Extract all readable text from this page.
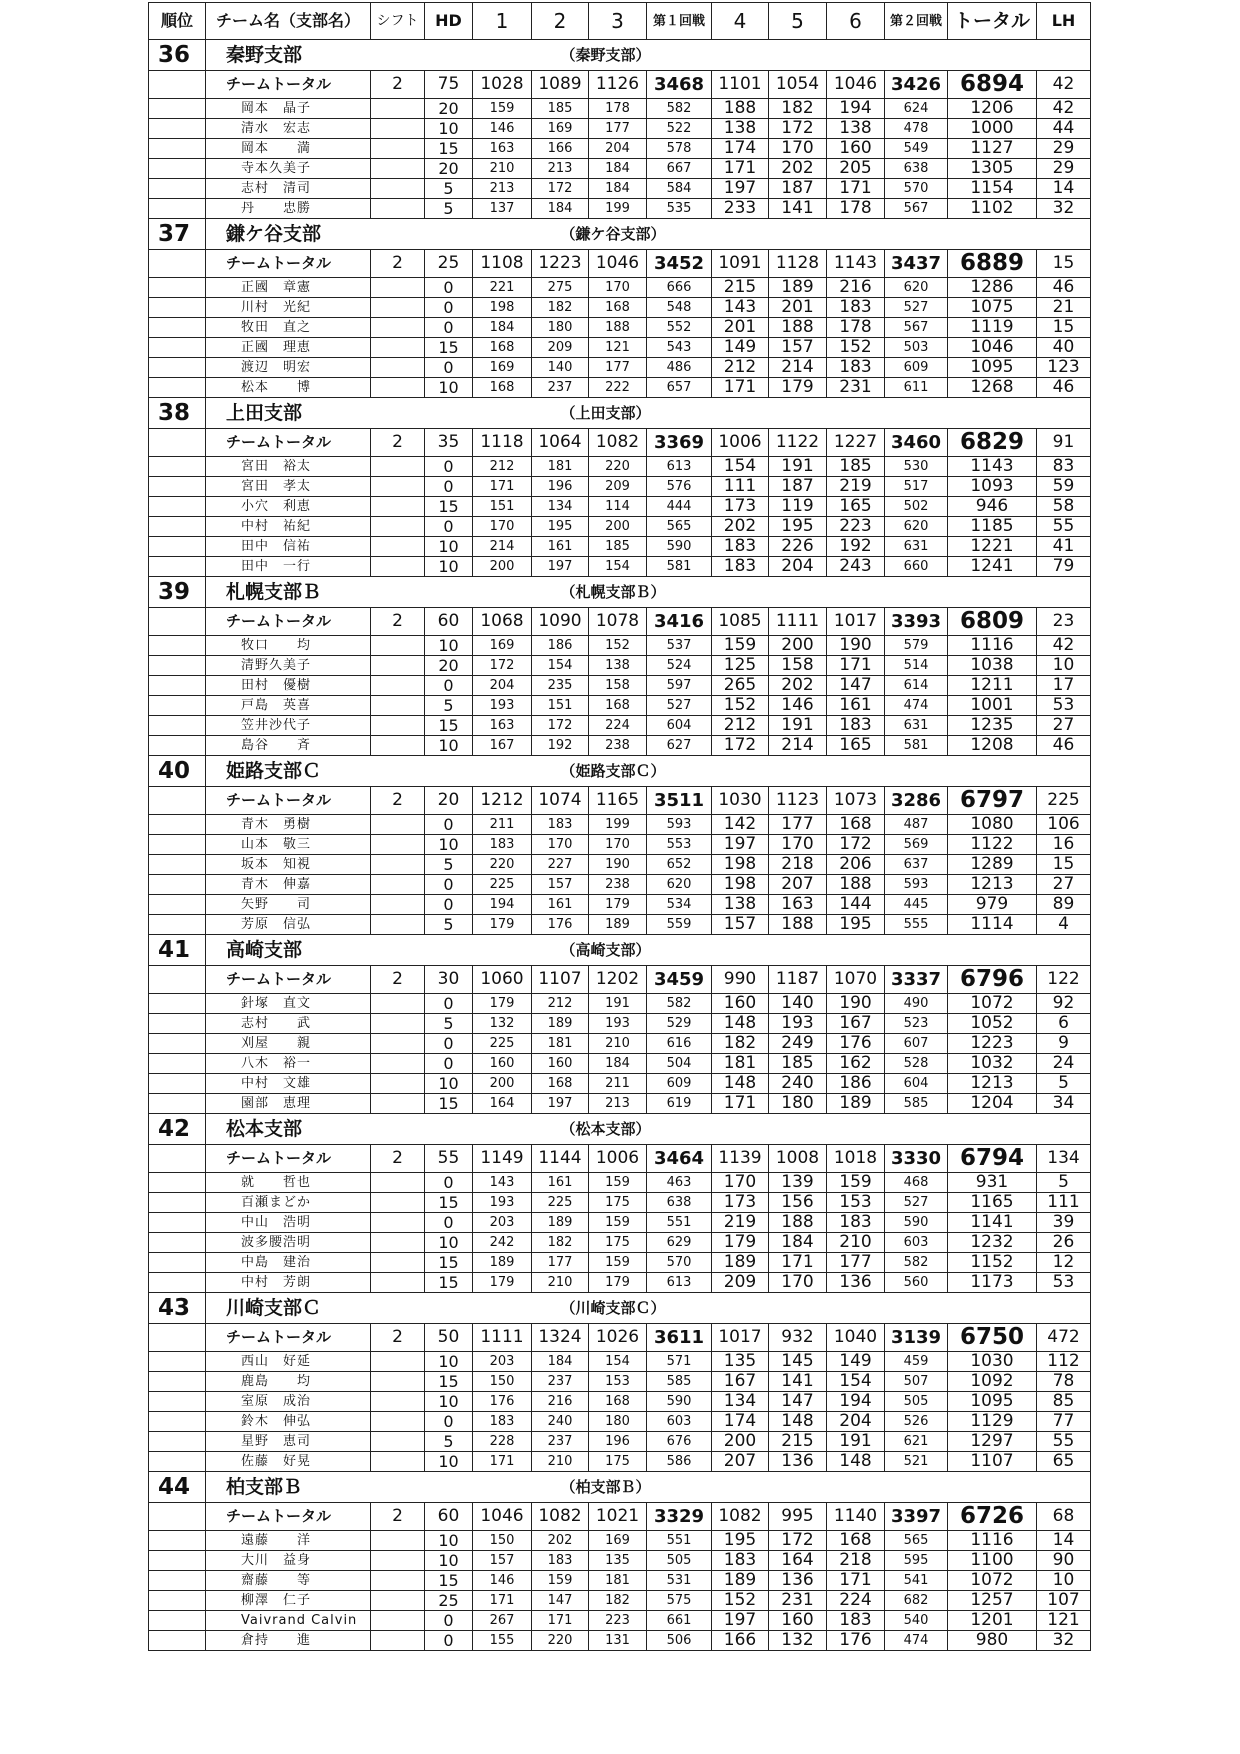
順位	チーム名（支部名）	シフト	HD	1	2	3	第１回戦	4	5	6	第２回戦	トータル	LH
36	秦野支部	（秦野支部）											
	チームトータル	2	75	1028	1089	1126	3468	1101	1054	1046	3426	6894	42
	岡本　晶子		20	159	185	178	582	188	182	194	624	1206	42
	清水　宏志		10	146	169	177	522	138	172	138	478	1000	44
	岡本　　満		15	163	166	204	578	174	170	160	549	1127	29
	寺本久美子		20	210	213	184	667	171	202	205	638	1305	29
	志村　清司		5	213	172	184	584	197	187	171	570	1154	14
	丹　　忠勝		5	137	184	199	535	233	141	178	567	1102	32
37	鎌ケ谷支部	（鎌ケ谷支部）											
	チームトータル	2	25	1108	1223	1046	3452	1091	1128	1143	3437	6889	15
	正國　章憲		0	221	275	170	666	215	189	216	620	1286	46
	川村　光紀		0	198	182	168	548	143	201	183	527	1075	21
	牧田　直之		0	184	180	188	552	201	188	178	567	1119	15
	正國　理恵		15	168	209	121	543	149	157	152	503	1046	40
	渡辺　明宏		0	169	140	177	486	212	214	183	609	1095	123
	松本　　博		10	168	237	222	657	171	179	231	611	1268	46
38	上田支部	（上田支部）											
	チームトータル	2	35	1118	1064	1082	3369	1006	1122	1227	3460	6829	91
	宮田　裕太		0	212	181	220	613	154	191	185	530	1143	83
	宮田　孝太		0	171	196	209	576	111	187	219	517	1093	59
	小穴　利恵		15	151	134	114	444	173	119	165	502	946	58
	中村　祐紀		0	170	195	200	565	202	195	223	620	1185	55
	田中　信祐		10	214	161	185	590	183	226	192	631	1221	41
	田中　一行		10	200	197	154	581	183	204	243	660	1241	79
39	札幌支部Ｂ	（札幌支部Ｂ）											
	チームトータル	2	60	1068	1090	1078	3416	1085	1111	1017	3393	6809	23
	牧口　　均		10	169	186	152	537	159	200	190	579	1116	42
	清野久美子		20	172	154	138	524	125	158	171	514	1038	10
	田村　優樹		0	204	235	158	597	265	202	147	614	1211	17
	戸島　英喜		5	193	151	168	527	152	146	161	474	1001	53
	笠井沙代子		15	163	172	224	604	212	191	183	631	1235	27
	島谷　　斉		10	167	192	238	627	172	214	165	581	1208	46
40	姫路支部Ｃ	（姫路支部Ｃ）											
	チームトータル	2	20	1212	1074	1165	3511	1030	1123	1073	3286	6797	225
	青木　勇樹		0	211	183	199	593	142	177	168	487	1080	106
	山本　敬三		10	183	170	170	553	197	170	172	569	1122	16
	坂本　知視		5	220	227	190	652	198	218	206	637	1289	15
	青木　伸嘉		0	225	157	238	620	198	207	188	593	1213	27
	矢野　　司		0	194	161	179	534	138	163	144	445	979	89
	芳原　信弘		5	179	176	189	559	157	188	195	555	1114	4
41	高崎支部	（高崎支部）											
	チームトータル	2	30	1060	1107	1202	3459	990	1187	1070	3337	6796	122
	針塚　直文		0	179	212	191	582	160	140	190	490	1072	92
	志村　　武		5	132	189	193	529	148	193	167	523	1052	6
	刈屋　　親		0	225	181	210	616	182	249	176	607	1223	9
	八木　裕一		0	160	160	184	504	181	185	162	528	1032	24
	中村　文雄		10	200	168	211	609	148	240	186	604	1213	5
	園部　恵理		15	164	197	213	619	171	180	189	585	1204	34
42	松本支部	（松本支部）											
	チームトータル	2	55	1149	1144	1006	3464	1139	1008	1018	3330	6794	134
	就　　哲也		0	143	161	159	463	170	139	159	468	931	5
	百瀬まどか		15	193	225	175	638	173	156	153	527	1165	111
	中山　浩明		0	203	189	159	551	219	188	183	590	1141	39
	波多腰浩明		10	242	182	175	629	179	184	210	603	1232	26
	中島　建治		15	189	177	159	570	189	171	177	582	1152	12
	中村　芳朗		15	179	210	179	613	209	170	136	560	1173	53
43	川崎支部Ｃ	（川崎支部Ｃ）											
	チームトータル	2	50	1111	1324	1026	3611	1017	932	1040	3139	6750	472
	西山　好延		10	203	184	154	571	135	145	149	459	1030	112
	鹿島　　均		15	150	237	153	585	167	141	154	507	1092	78
	室原　成治		10	176	216	168	590	134	147	194	505	1095	85
	鈴木　伸弘		0	183	240	180	603	174	148	204	526	1129	77
	星野　恵司		5	228	237	196	676	200	215	191	621	1297	55
	佐藤　好晃		10	171	210	175	586	207	136	148	521	1107	65
44	柏支部Ｂ	（柏支部Ｂ）											
	チームトータル	2	60	1046	1082	1021	3329	1082	995	1140	3397	6726	68
	遠藤　　洋		10	150	202	169	551	195	172	168	565	1116	14
	大川　益身		10	157	183	135	505	183	164	218	595	1100	90
	齋藤　　等		15	146	159	181	531	189	136	171	541	1072	10
	柳澤　仁子		25	171	147	182	575	152	231	224	682	1257	107
	Vaivrand Calvin		0	267	171	223	661	197	160	183	540	1201	121
	倉持　　進		0	155	220	131	506	166	132	176	474	980	32
